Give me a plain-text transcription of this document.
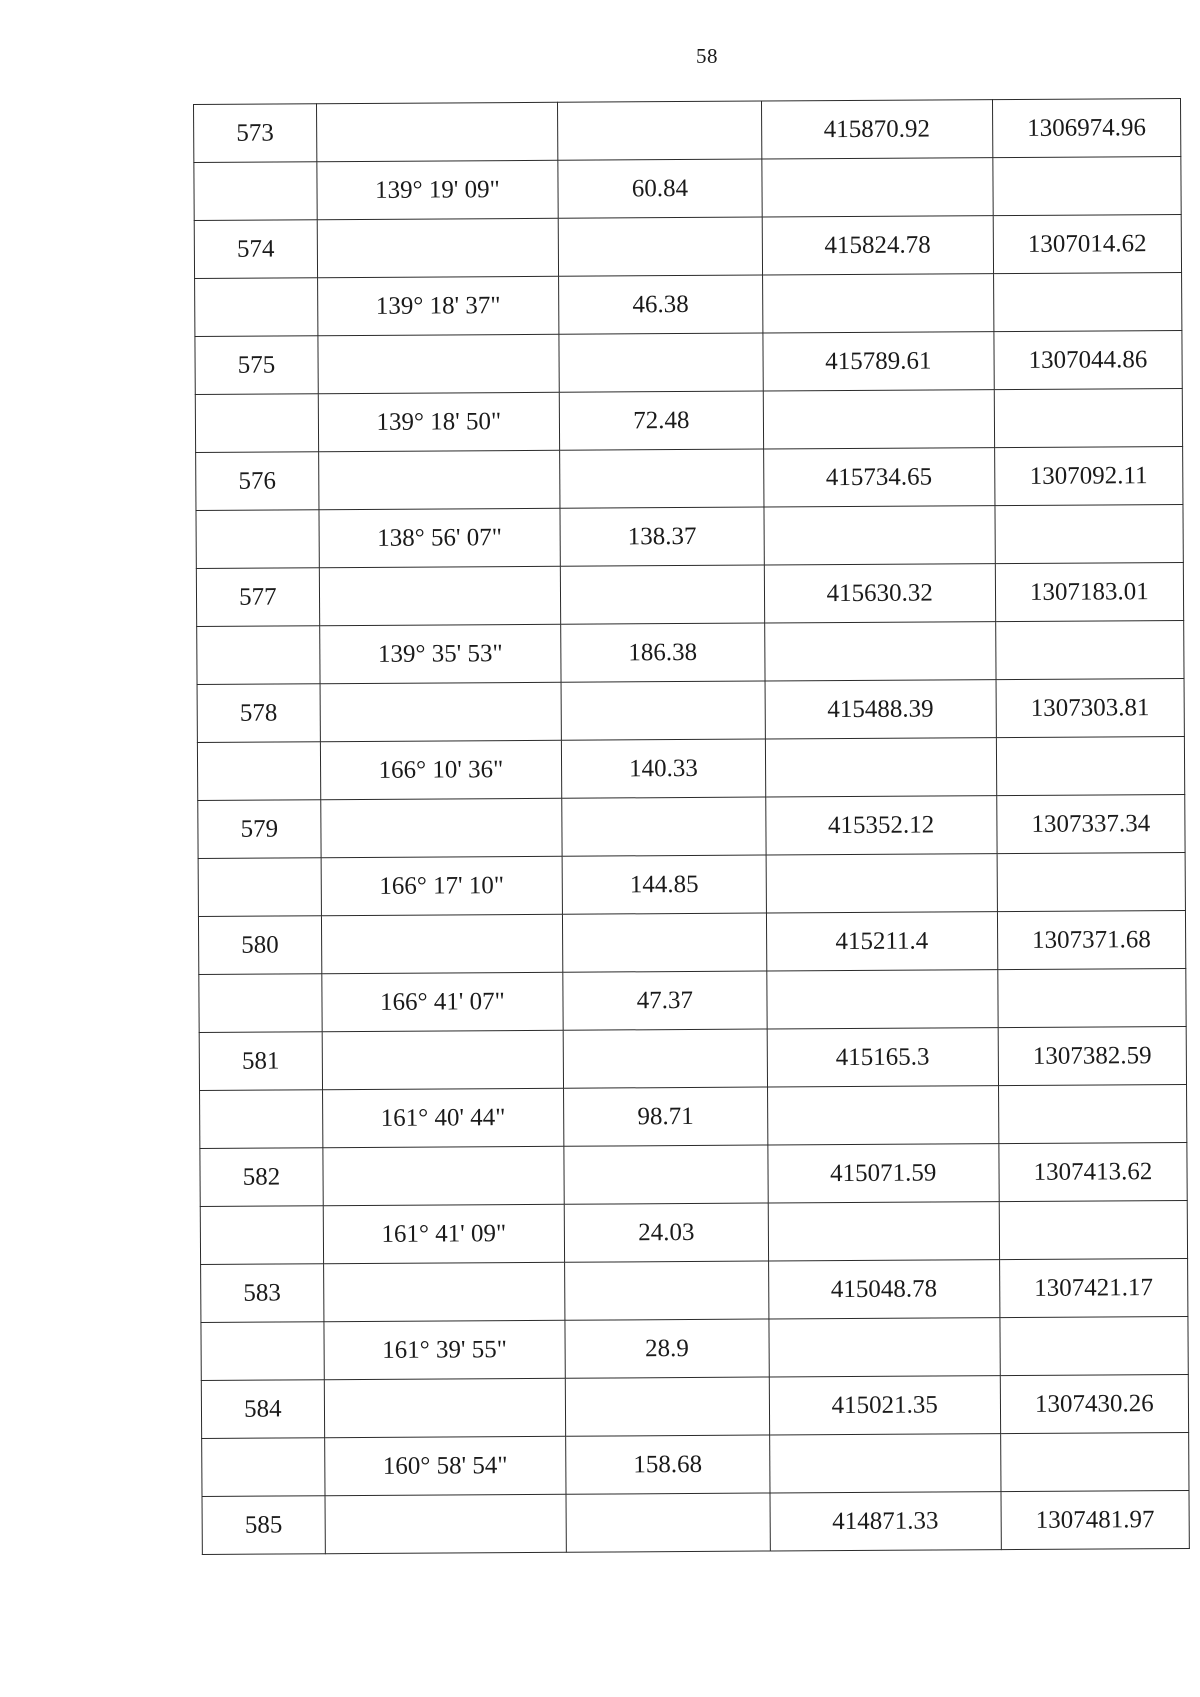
58
573			415870.92	1306974.96
	139° 19' 09"	60.84		
574			415824.78	1307014.62
	139° 18' 37"	46.38		
575			415789.61	1307044.86
	139° 18' 50"	72.48		
576			415734.65	1307092.11
	138° 56' 07"	138.37		
577			415630.32	1307183.01
	139° 35' 53"	186.38		
578			415488.39	1307303.81
	166° 10' 36"	140.33		
579			415352.12	1307337.34
	166° 17' 10"	144.85		
580			415211.4	1307371.68
	166° 41' 07"	47.37		
581			415165.3	1307382.59
	161° 40' 44"	98.71		
582			415071.59	1307413.62
	161° 41' 09"	24.03		
583			415048.78	1307421.17
	161° 39' 55"	28.9		
584			415021.35	1307430.26
	160° 58' 54"	158.68		
585			414871.33	1307481.97
